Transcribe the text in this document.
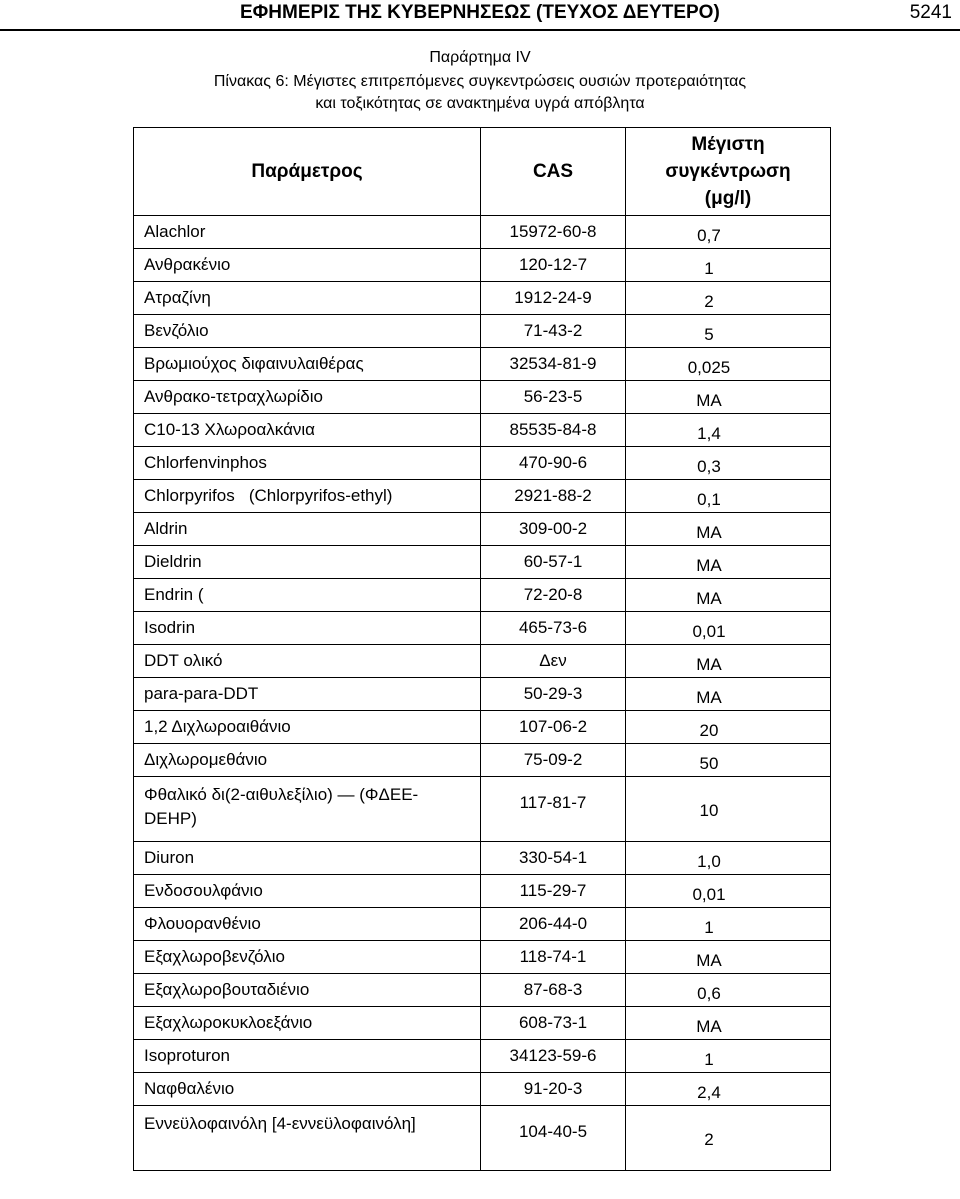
ΕΦΗΜΕΡΙΣ ΤΗΣ ΚΥΒΕΡΝΗΣΕΩΣ (ΤΕΥΧΟΣ ΔΕΥΤΕΡΟ)	5241
Παράρτημα IV
Πίνακας 6: Μέγιστες επιτρεπόμενες συγκεντρώσεις ουσιών προτεραιότητας
και τοξικότητας σε ανακτημένα υγρά απόβλητα
Παράμετρος	CAS	Μέγιστη
συγκέντρωση
(μg/l)

Alachlor	15972-60-8	0,7

Ανθρακένιο	120-12-7	1

Ατραζίνη	1912-24-9	2

Βενζόλιο	71-43-2	5

Βρωμιούχος διφαινυλαιθέρας	32534-81-9	0,025

Ανθρακο-τετραχλωρίδιο	56-23-5	ΜΑ

C10-13 Χλωροαλκάνια	85535-84-8	1,4

Chlorfenvinphos	470-90-6	0,3

Chlorpyrifos   (Chlorpyrifos-ethyl)	2921-88-2	0,1

Aldrin	309-00-2	ΜΑ

Dieldrin	60-57-1	ΜΑ

Endrin (	72-20-8	ΜΑ

Isodrin	465-73-6	0,01

DDT ολικό	Δεν	ΜΑ

para-para-DDT	50-29-3	ΜΑ

1,2 Διχλωροαιθάνιο	107-06-2	20

Διχλωρομεθάνιο	75-09-2	50

Φθαλικό δι(2-αιθυλεξίλιο) — (ΦΔΕΕ-DEHP)	117-81-7	10

Diuron	330-54-1	1,0

Ενδοσουλφάνιο	115-29-7	0,01

Φλουορανθένιο	206-44-0	1

Εξαχλωροβενζόλιο	118-74-1	ΜΑ

Εξαχλωροβουταδιένιο	87-68-3	0,6

Εξαχλωροκυκλοεξάνιο	608-73-1	ΜΑ

Isoproturon	34123-59-6	1

Ναφθαλένιο	91-20-3	2,4

Εννεϋλοφαινόλη [4-εννεϋλοφαινόλη]	104-40-5	2
